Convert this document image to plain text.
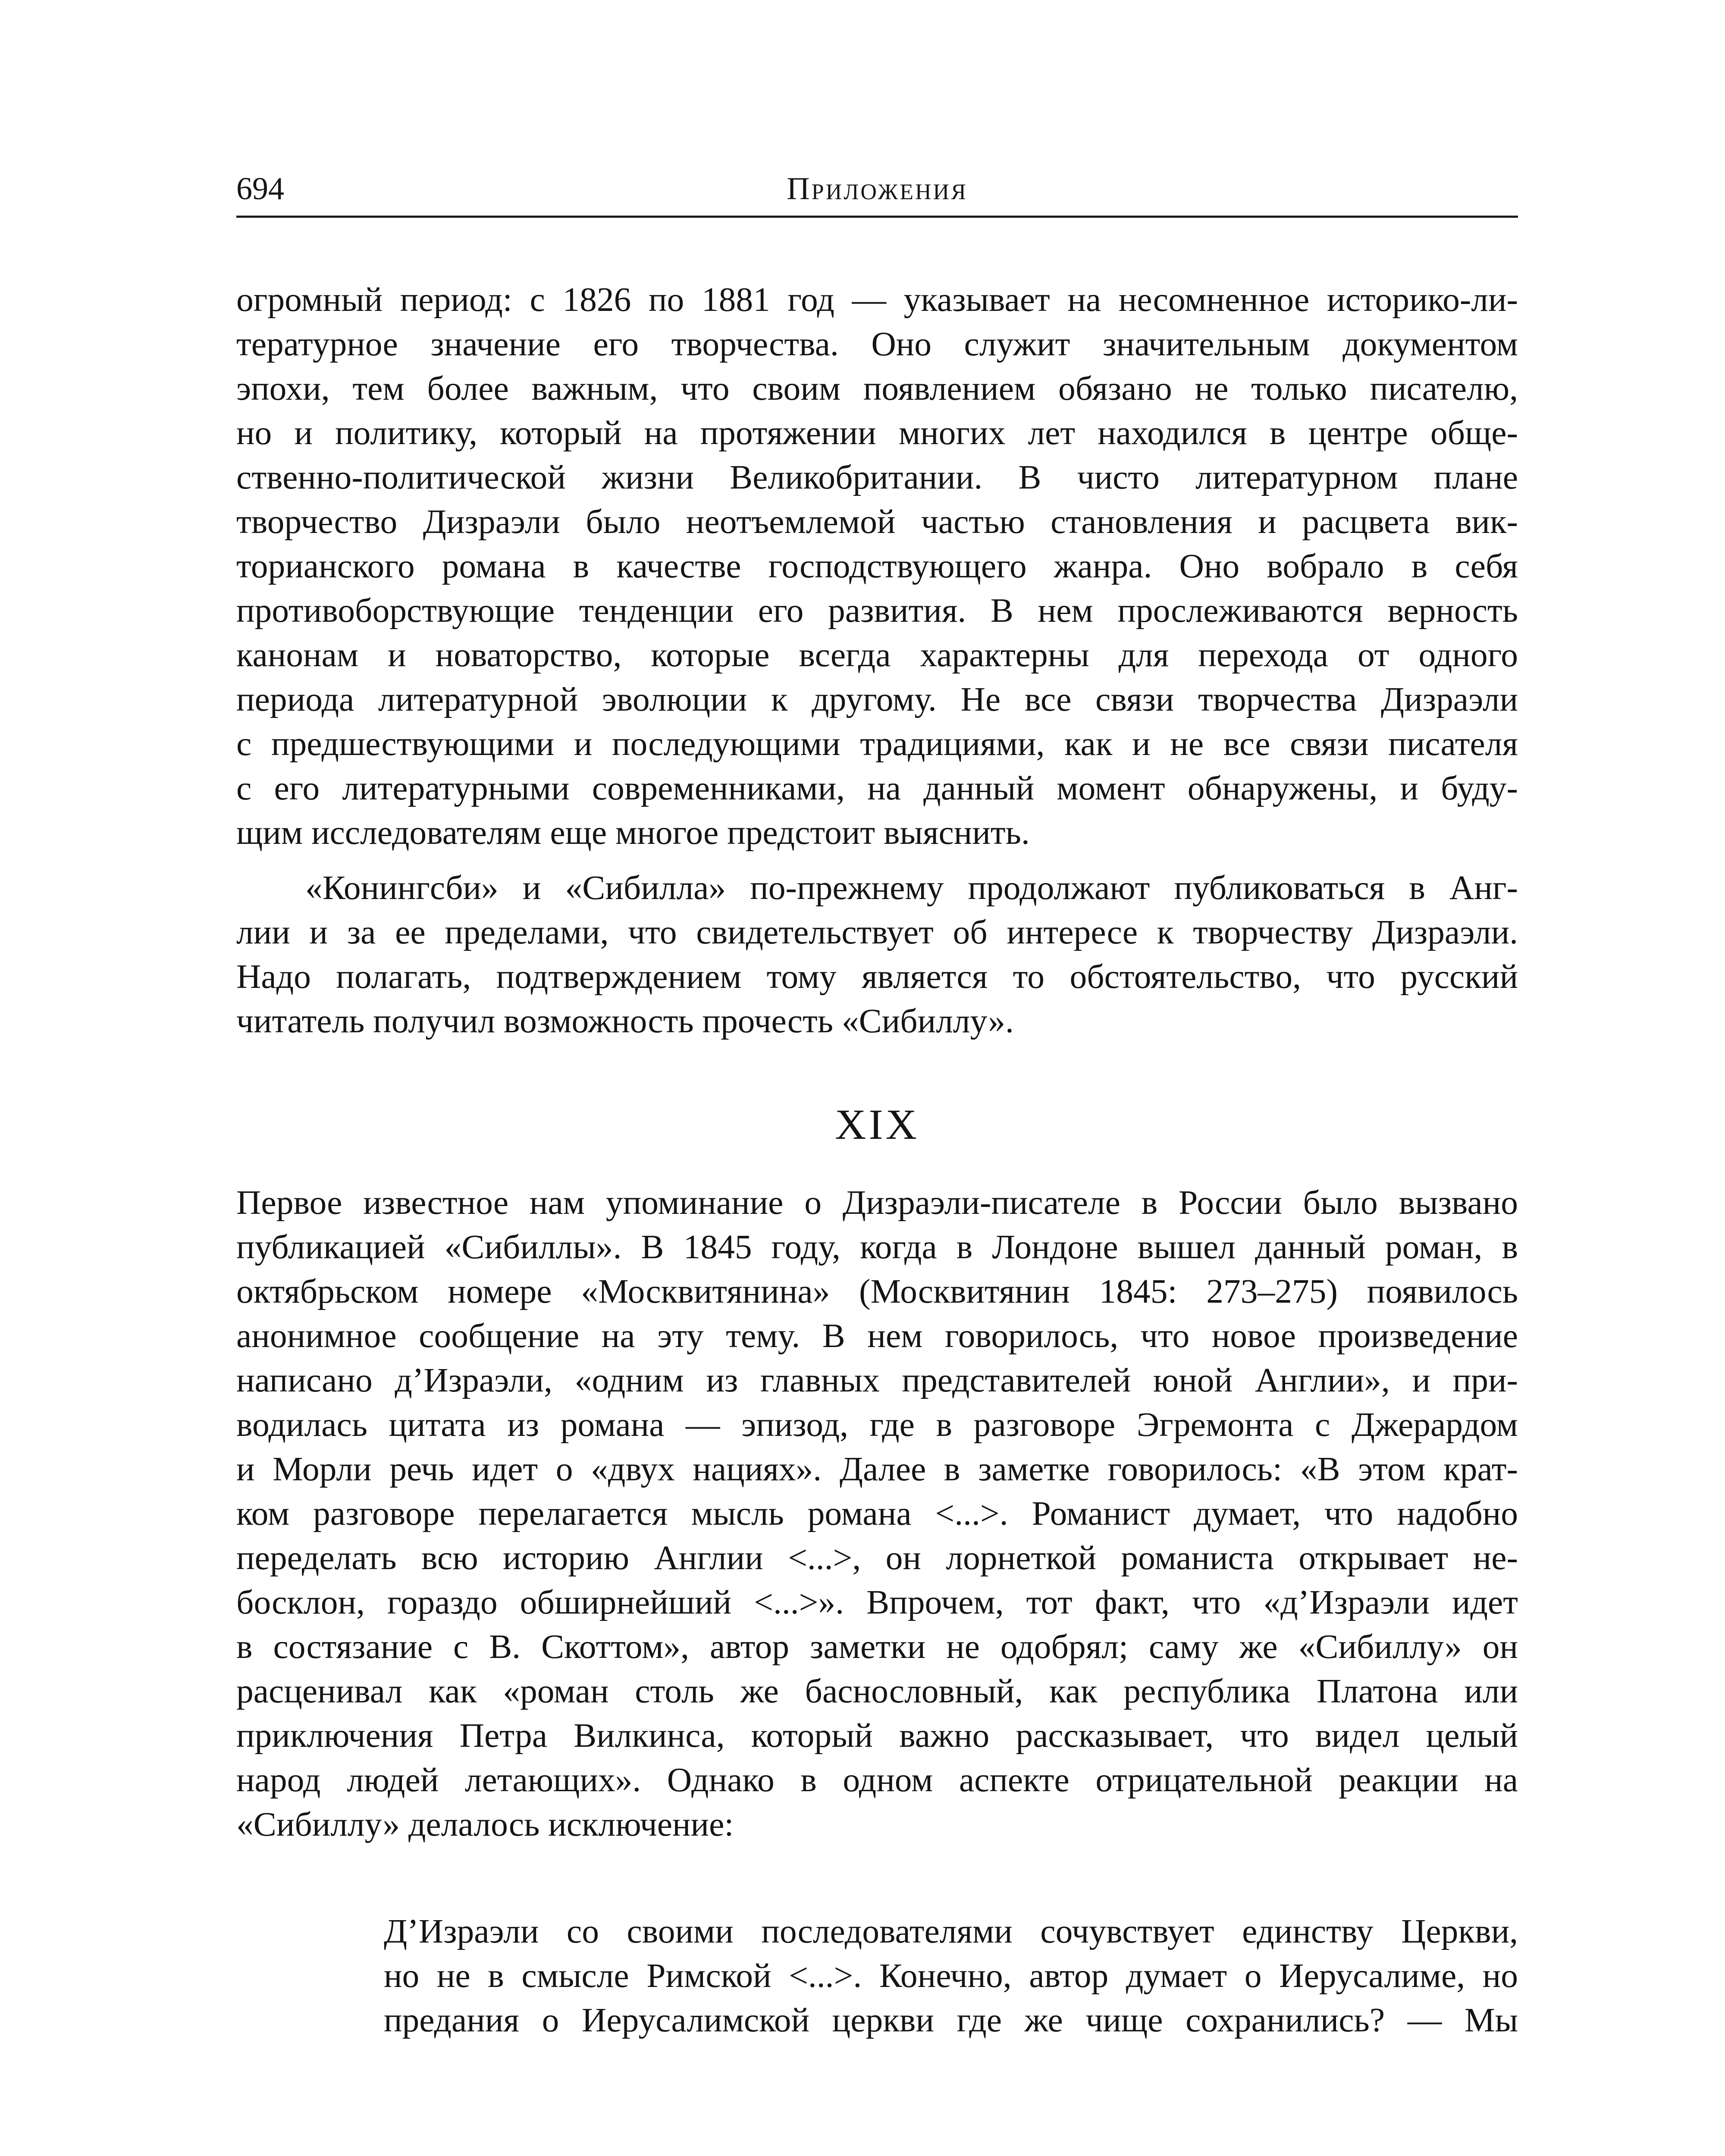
694	Приложения
огромный период: с 1826 по 1881 год — указывает на несомненное историко-ли-
тературное значение его творчества. Оно служит значительным документом
эпохи, тем более важным, что своим появлением обязано не только писателю,
но и политику, который на протяжении многих лет находился в центре обще-
ственно-политической жизни Великобритании. В чисто литературном плане
творчество Дизраэли было неотъемлемой частью становления и расцвета вик-
торианского романа в качестве господствующего жанра. Оно вобрало в себя
противоборствующие тенденции его развития. В нем прослеживаются верность
канонам и новаторство, которые всегда характерны для перехода от одного
периода литературной эволюции к другому. Не все связи творчества Дизраэли
с предшествующими и последующими традициями, как и не все связи писателя
с его литературными современниками, на данный момент обнаружены, и буду-
щим исследователям еще многое предстоит выяснить.
«Конингсби» и «Сибилла» по-прежнему продолжают публиковаться в Анг-
лии и за ее пределами, что свидетельствует об интересе к творчеству Дизраэли.
Надо полагать, подтверждением тому является то обстоятельство, что русский
читатель получил возможность прочесть «Сибиллу».
XIX
Первое известное нам упоминание о Дизраэли-писателе в России было вызвано
публикацией «Сибиллы». В 1845 году, когда в Лондоне вышел данный роман, в
октябрьском номере «Москвитянина» (Москвитянин 1845: 273–275) появилось
анонимное сообщение на эту тему. В нем говорилось, что новое произведение
написано д’Израэли, «одним из главных представителей юной Англии», и при-
водилась цитата из романа — эпизод, где в разговоре Эгремонта с Джерардом
и Морли речь идет о «двух нациях». Далее в заметке говорилось: «В этом крат-
ком разговоре перелагается мысль романа <...>. Романист думает, что надобно
переделать всю историю Англии <...>, он лорнеткой романиста открывает не-
босклон, гораздо обширнейший <...>». Впрочем, тот факт, что «д’Израэли идет
в состязание с В. Скоттом», автор заметки не одобрял; саму же «Сибиллу» он
расценивал как «роман столь же баснословный, как республика Платона или
приключения Петра Вилкинса, который важно рассказывает, что видел целый
народ людей летающих». Однако в одном аспекте отрицательной реакции на
«Сибиллу» делалось исключение:
Д’Израэли со своими последователями сочувствует единству Церкви,
но не в смысле Римской <...>. Конечно, автор думает о Иерусалиме, но
предания о Иерусалимской церкви где же чище сохранились? — Мы
